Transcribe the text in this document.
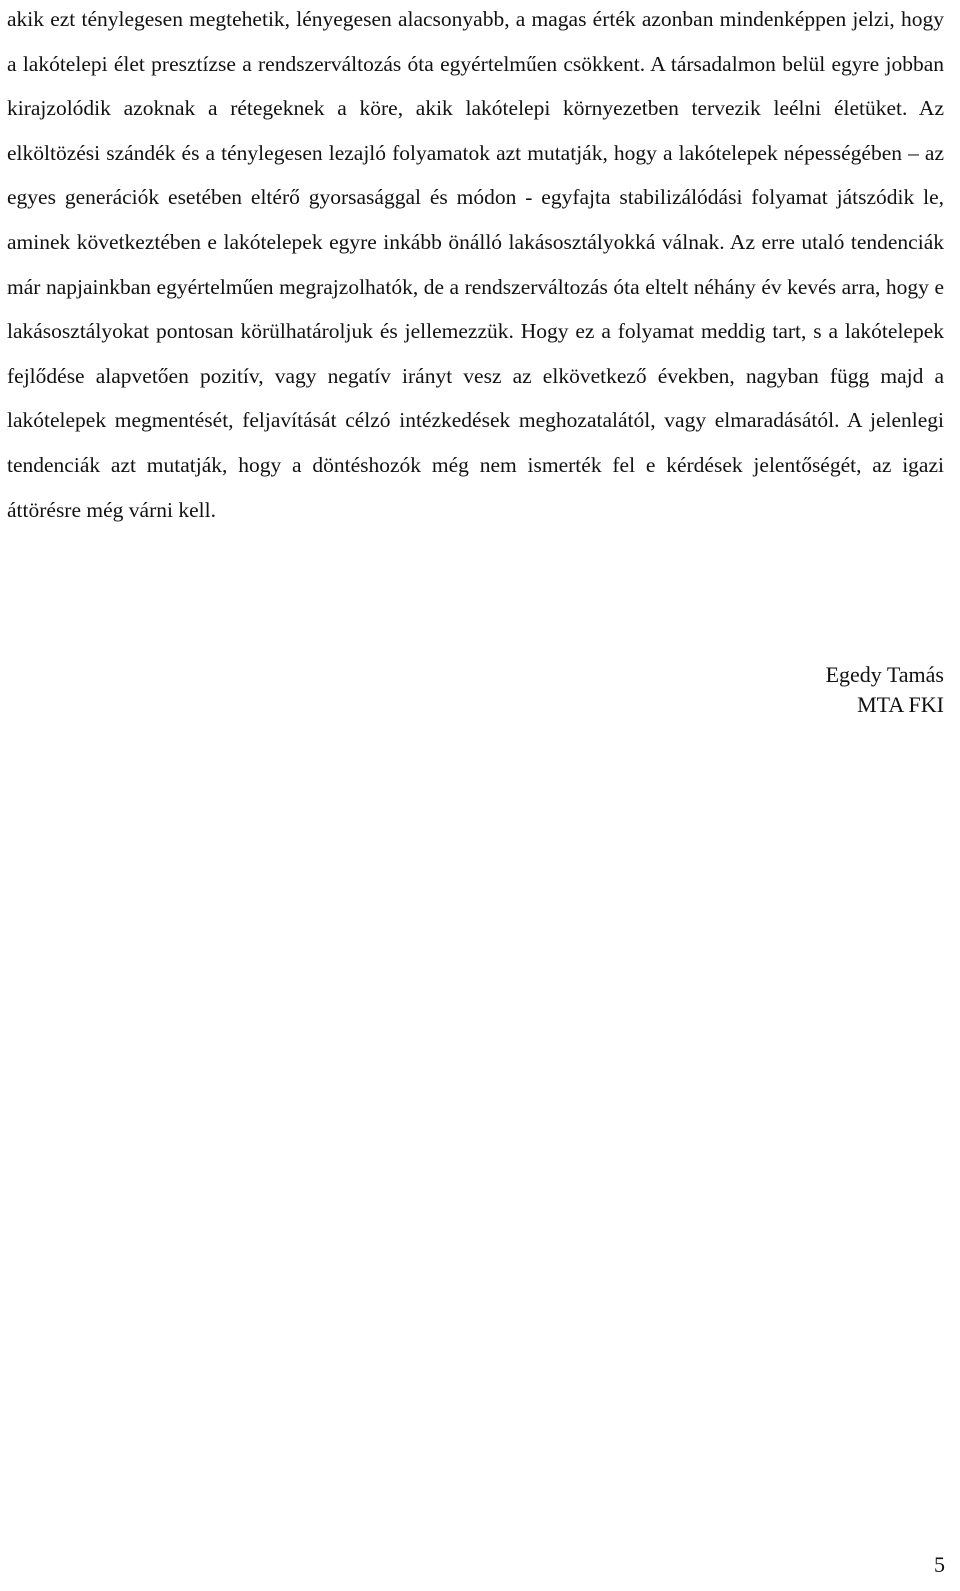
akik ezt ténylegesen megtehetik, lényegesen alacsonyabb, a magas érték azonban mindenképpen jelzi, hogy a lakótelepi élet presztízse a rendszerváltozás óta egyértelműen csökkent. A társadalmon belül egyre jobban kirajzolódik azoknak a rétegeknek a köre, akik lakótelepi környezetben tervezik leélni életüket. Az elköltözési szándék és a ténylegesen lezajló folyamatok azt mutatják, hogy a lakótelepek népességében – az egyes generációk esetében eltérő gyorsasággal és módon - egyfajta stabilizálódási folyamat játszódik le, aminek következtében e lakótelepek egyre inkább önálló lakásosztályokká válnak. Az erre utaló tendenciák már napjainkban egyértelműen megrajzolhatók, de a rendszerváltozás óta eltelt néhány év kevés arra, hogy e lakásosztályokat pontosan körülhatároljuk és jellemezzük. Hogy ez a folyamat meddig tart, s a lakótelepek fejlődése alapvetően pozitív, vagy negatív irányt vesz az elkövetkező években, nagyban függ majd a lakótelepek megmentését, feljavítását célzó intézkedések meghozatalától, vagy elmaradásától. A jelenlegi tendenciák azt mutatják, hogy a döntéshozók még nem ismerték fel e kérdések jelentőségét, az igazi áttörésre még várni kell.

Egedy Tamás
MTA FKI
5
